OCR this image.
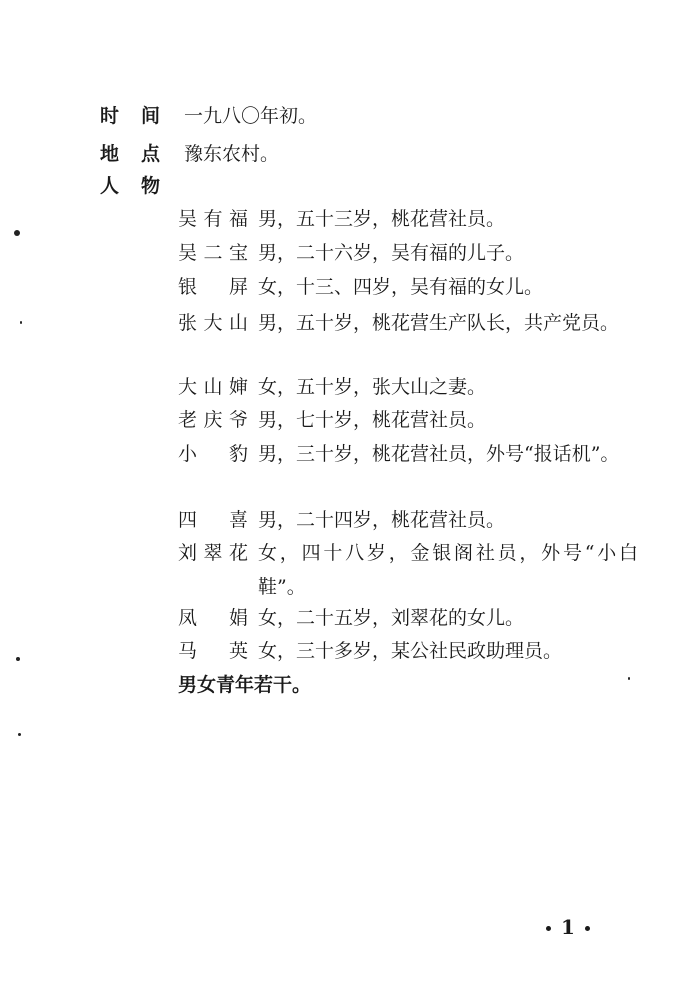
时间 一九八〇年初。
地点 豫东农村。
人物
吴有福 男，五十三岁，桃花营社员。
吴二宝 男，二十六岁，吴有福的儿子。
银屏 女，十三、四岁，吴有福的女儿。
张大山 男，五十岁，桃花营生产队长，共产党员。
大山婶 女，五十岁，张大山之妻。
老庆爷 男，七十岁，桃花营社员。
小豹 男，三十岁，桃花营社员，外号“报话机”。
四喜 男，二十四岁，桃花营社员。
刘翠花 女，四十八岁，金银阁社员，外号“小白鞋”。
凤娟 女，二十五岁，刘翠花的女儿。
马英 女，三十多岁，某公社民政助理员。
男女青年若干。
1
